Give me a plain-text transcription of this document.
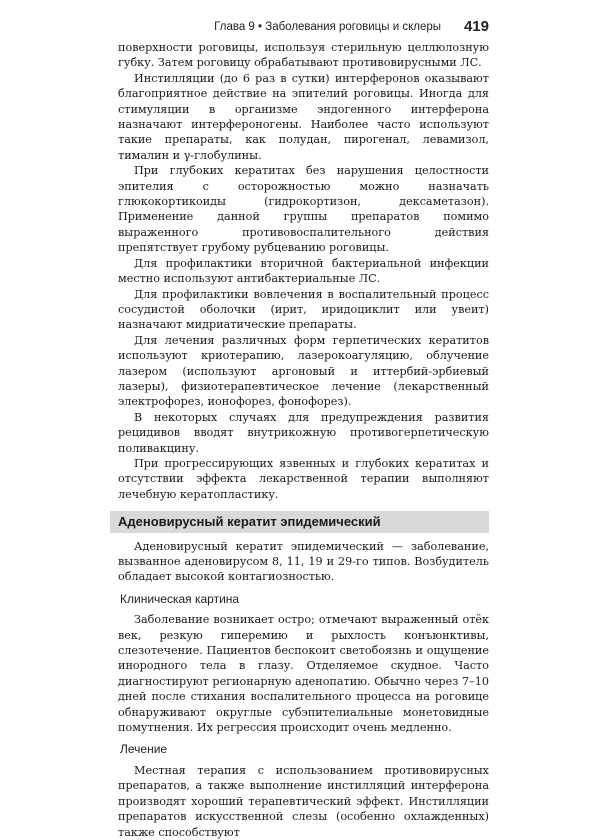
Глава 9 • Заболевания роговицы и склеры 419

поверхности роговицы, используя стерильную целлюлозную губку. Затем роговицу обрабатывают противовирусными ЛС.

Инстилляции (до 6 раз в сутки) интерферонов оказывают благоприятное действие на эпителий роговицы. Иногда для стимуляции в организме эндогенного интерферона назначают интерфероногены. Наиболее часто используют такие препараты, как полудан, пирогенал, левамизол, тималин и γ-глобулины.

При глубоких кератитах без нарушения целостности эпителия с осторожностью можно назначать глюкокортикоиды (гидрокортизон, дексаметазон). Применение данной группы препаратов помимо выраженного противовоспалительного действия препятствует грубому рубцеванию роговицы.

Для профилактики вторичной бактериальной инфекции местно используют антибактериальные ЛС.

Для профилактики вовлечения в воспалительный процесс сосудистой оболочки (ирит, иридоциклит или увеит) назначают мидриатические препараты.

Для лечения различных форм герпетических кератитов используют криотерапию, лазерокоагуляцию, облучение лазером (используют аргоновый и иттербий-эрбиевый лазеры), физиотерапевтическое лечение (лекарственный электрофорез, ионофорез, фонофорез).

В некоторых случаях для предупреждения развития рецидивов вводят внутрикожную противогерпетическую поливакцину.

При прогрессирующих язвенных и глубоких кератитах и отсутствии эффекта лекарственной терапии выполняют лечебную кератопластику.

Аденовирусный кератит эпидемический

Аденовирусный кератит эпидемический — заболевание, вызванное аденовирусом 8, 11, 19 и 29-го типов. Возбудитель обладает высокой контагиозностью.

Клиническая картина

Заболевание возникает остро; отмечают выраженный отёк век, резкую гиперемию и рыхлость конъюнктивы, слезотечение. Пациентов беспокоит светобоязнь и ощущение инородного тела в глазу. Отделяемое скудное. Часто диагностируют регионарную аденопатию. Обычно через 7–10 дней после стихания воспалительного процесса на роговице обнаруживают округлые субэпителиальные монетовидные помутнения. Их регрессия происходит очень медленно.

Лечение

Местная терапия с использованием противовирусных препаратов, а также выполнение инстилляций интерферона производят хороший терапевтический эффект. Инстилляции препаратов искусственной слезы (особенно охлажденных) также способствуют
